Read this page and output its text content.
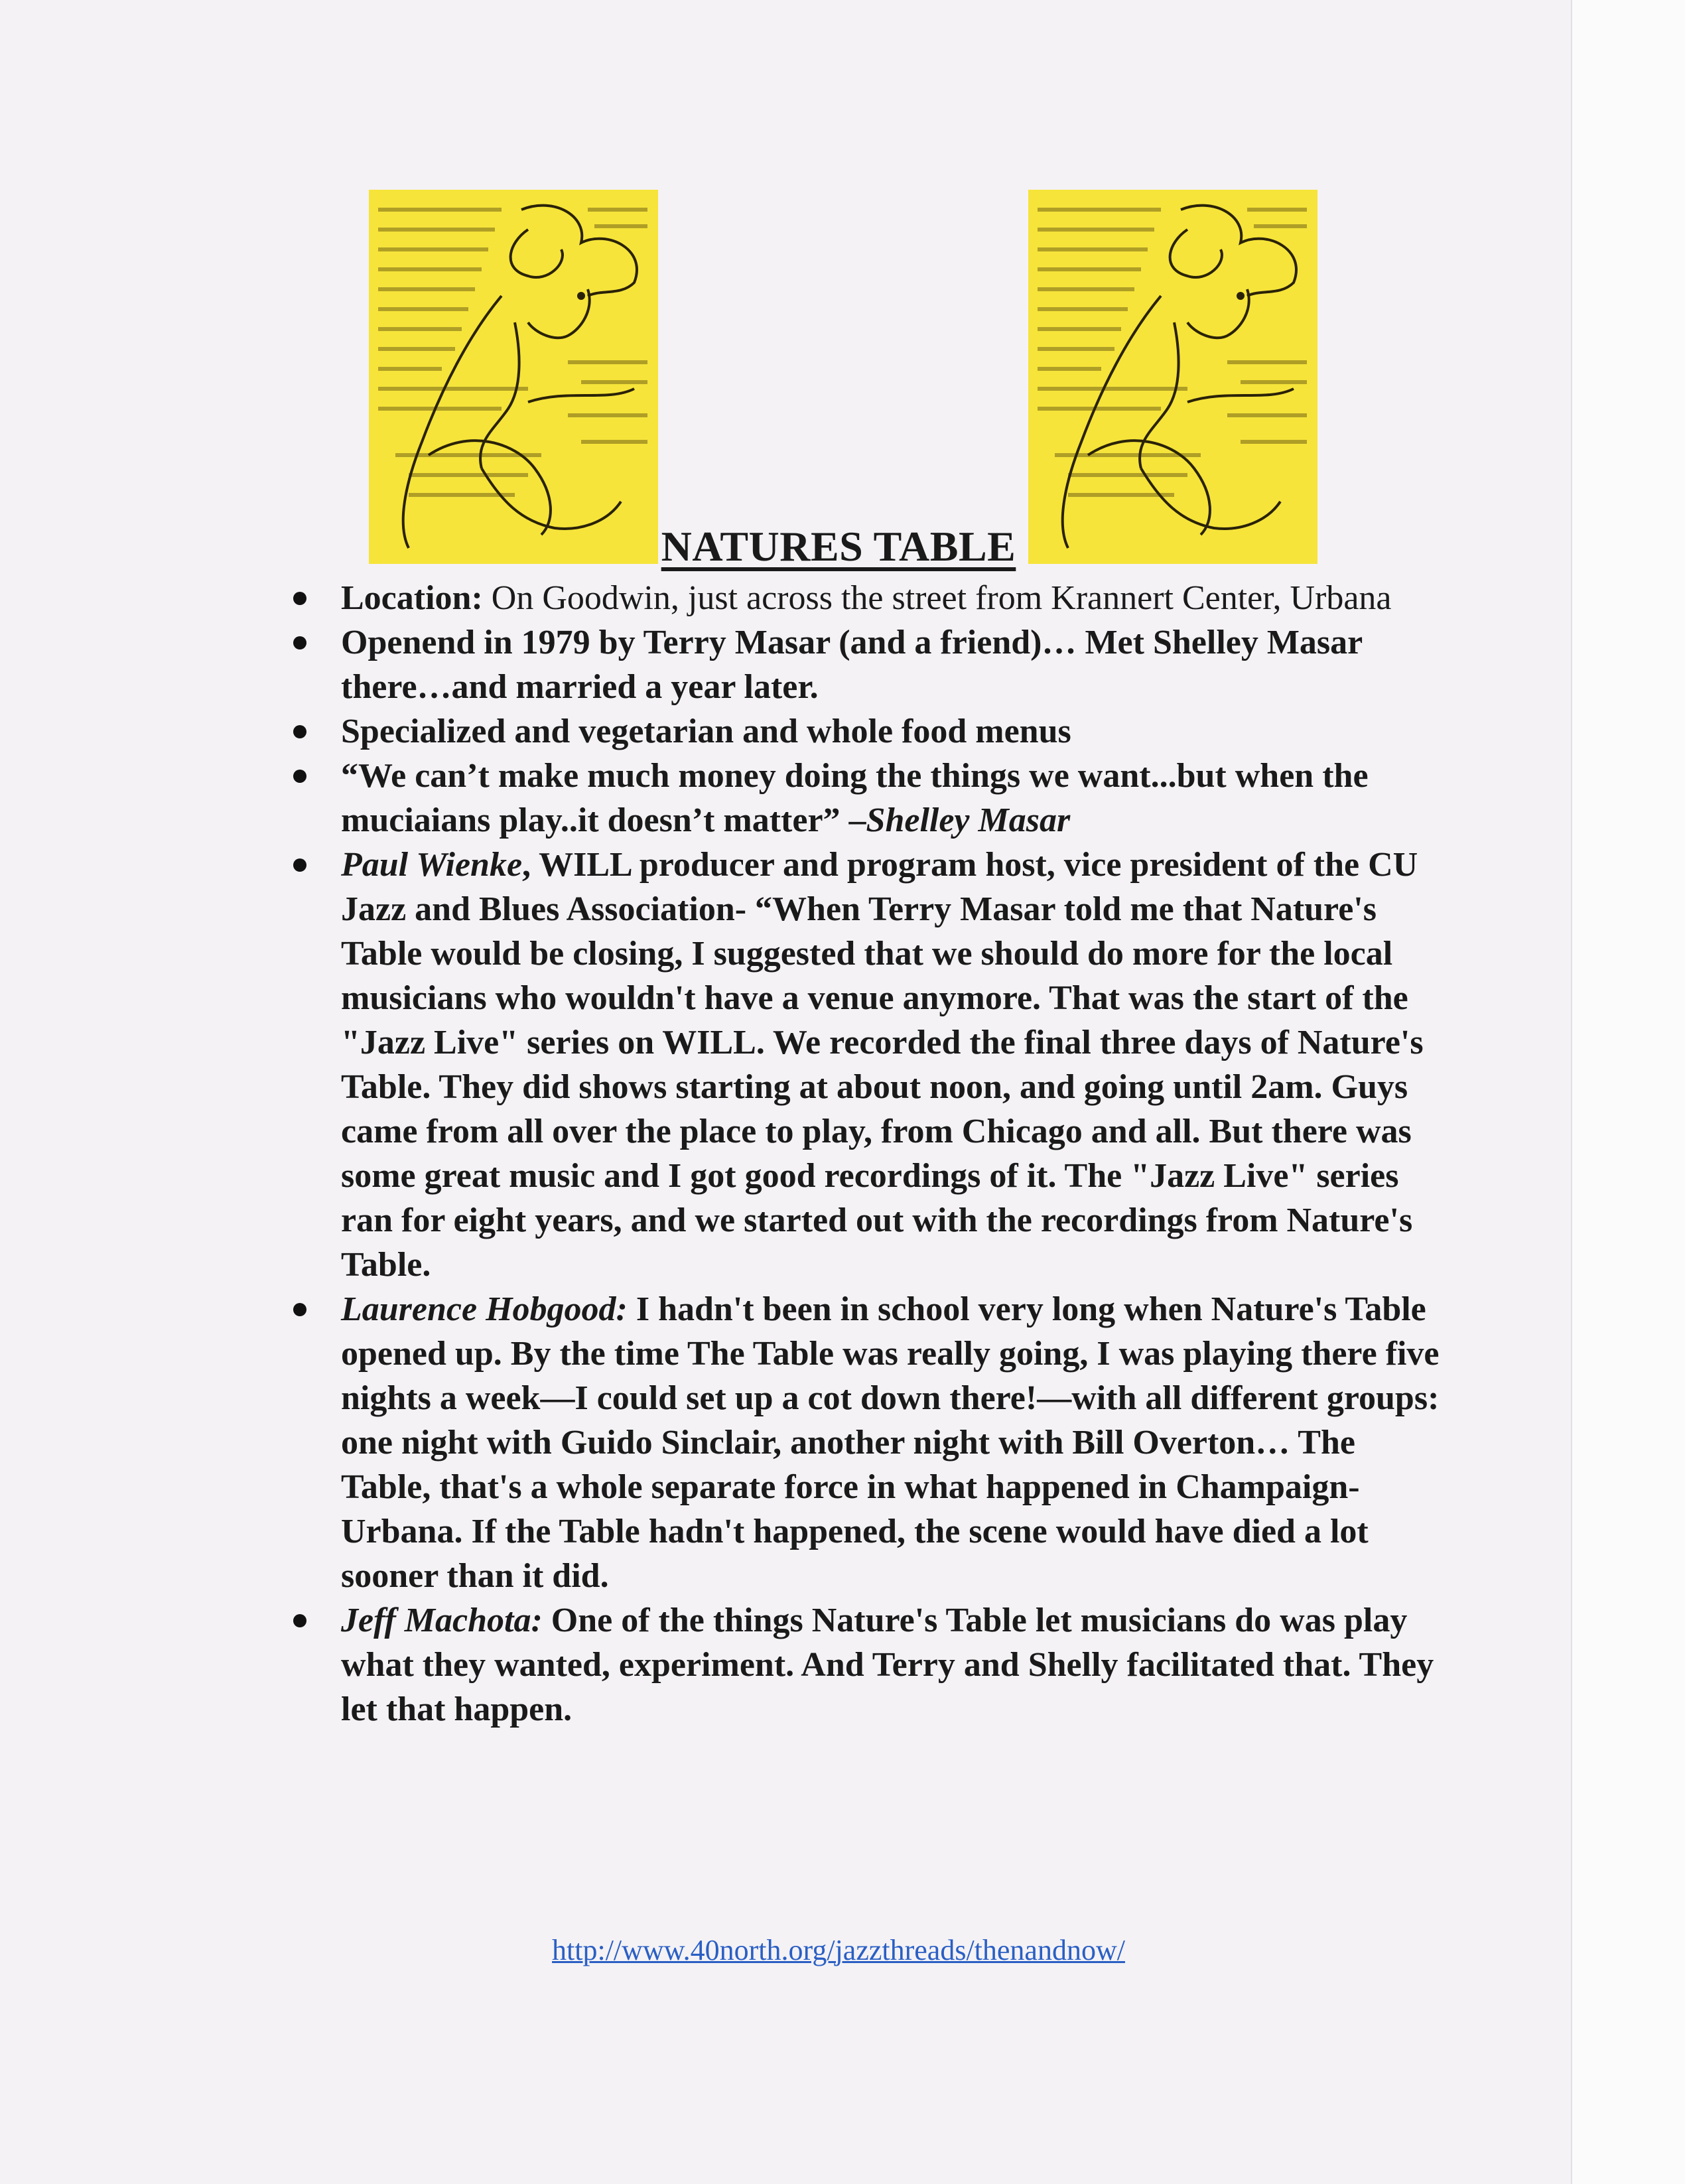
NATURES TABLE
Location: On Goodwin, just across the street from Krannert Center, Urbana
Openend in 1979 by Terry Masar (and a friend)… Met Shelley Masar there…and married a year later.
Specialized and vegetarian and whole food menus
“We can’t make much money doing the things we want...but when the muciaians play..it doesn’t matter” –Shelley Masar
Paul Wienke, WILL producer and program host, vice president of the CU Jazz and Blues Association- “When Terry Masar told me that Nature's Table would be closing, I suggested that we should do more for the local musicians who wouldn't have a venue anymore. That was the start of the "Jazz Live" series on WILL. We recorded the final three days of Nature's Table. They did shows starting at about noon, and going until 2am. Guys came from all over the place to play, from Chicago and all. But there was some great music and I got good recordings of it. The "Jazz Live" series ran for eight years, and we started out with the recordings from Nature's Table.
Laurence Hobgood: I hadn't been in school very long when Nature's Table opened up. By the time The Table was really going, I was playing there five nights a week—I could set up a cot down there!—with all different groups: one night with Guido Sinclair, another night with Bill Overton… The Table, that's a whole separate force in what happened in Champaign-Urbana. If the Table hadn't happened, the scene would have died a lot sooner than it did.
Jeff Machota: One of the things Nature's Table let musicians do was play what they wanted, experiment. And Terry and Shelly facilitated that. They let that happen.
http://www.40north.org/jazzthreads/thenandnow/
